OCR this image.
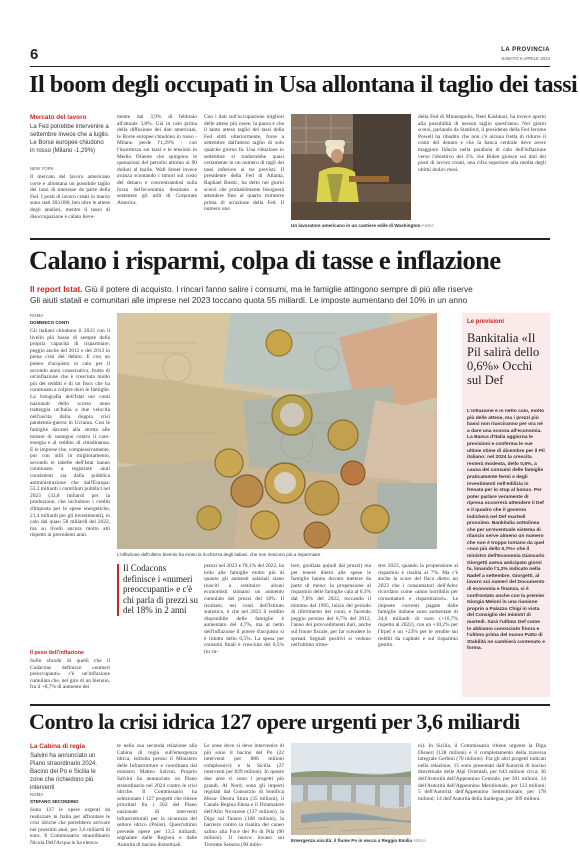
6	LA PROVINCIA
SABATO 6 APRILE 2024
Il boom degli occupati in Usa allontana il taglio dei tassi
Mercato del lavoro
La Fed potrebbe intervenire a settembre invece che a luglio. Le Borse europee chiudono in rosso (Milano -1,29%)
NEW YORK
Il mercato del lavoro americano corre e allontana un possibile taglio dei tassi di interesse da parte della Fed. I posti di lavoro creati in marzo sono stati 303.000, ben oltre le attese degli analisti, mentre il tasso di disoccupazione è calato lieve-
mente dal 3,9% di febbraio all'attuale 3,8%. Già in calo prima della diffusione dei dati americani, le Borse europee chiudono in rosso - Milano perde l'1,29% - con l'incertezza sui tassi e le tensioni in Medio Oriente che spingono le quotazioni del petrolio attorno ai 90 dollari al barile. Wall Street invece avanza scontando i timori sul costo del denaro e concentrandosi sulla forza dell'economia destinata a sostenere gli utili di Corporate America.
Con i dati sull'occupazione migliori delle attese più rosee, la paura è che il tanto atteso taglio dei tassi della Fed slitti ulteriormente, forse a settembre dall'atteso taglio di solo qualche giorno fa. Una riduzione in settembre si tradurrebbe quasi certamente in un numero di tagli dei tassi inferiore ai tre previsti. Il presidente della Fed di Atlanta, Raphael Bostic, ha detto nei giorni scorsi che probabilmente bisognerà attendere fino al quarto trimestre prima di un'azione della Fed. Il numero uno
Un lavoratore americano in un cantiere edile di Washington ANSA
della Fed di Minneapolis, Neel Kashkari, ha invece aperto alla possibilità di nessun taglio quest'anno. Nei giorni scorsi, parlando da Stanford, il presidente della Fed Jerome Powell ha ribadito che non c'è alcuna fretta di ridurre il costo del denaro e che la banca centrale deve avere maggiore fiducia nella parabola di calo dell'inflazione verso l'obiettivo del 2%. Joe Biden gioisce sui dati dei posti di lavoro creati, una cifra superiore alla media degli ultimi dodici mesi.
Calano i risparmi, colpa di tasse e inflazione
Il report Istat. Giù il potere di acquisto. I rincari fanno salire i consumi, ma le famiglie attingono sempre di più alle riserve
Gli aiuti statali e comunitari alle imprese nel 2023 toccano quota 55 miliardi. Le imposte aumentano del 10% in un anno
ROMA
DOMENICO CONTI
Gli italiani chiudono il 2023 con il livello più basso di sempre della propria capacità di risparmiare, peggio anche del 2012 e del 2013 in piena crisi del debito. E con un potere d'acquisto in calo per il secondo anno consecutivo, frutto di un'inflazione che è cresciuta molto più dei redditi e di un fisco che ha continuato a colpire duro le famiglie. La fotografia dell'Istat nei conti nazionali dello scorso anno tratteggia un'Italia a due velocità nell'uscita dalla doppia crisi pandemia-guerra in Ucraina. Con le famiglie davanti alla stretta alle misure di sostegno contro il caro-energia e al reddito di cittadinanza. E le imprese che, complessivamente, pur con utili in miglioramento, secondo le tabelle dell'Istat hanno continuato a registrare aiuti consistenti sia dalla pubblica amministrazione che dall'Europa: 55,2 miliardi i contributi pubblici nel 2023 (33,8 miliardi per la produzione, che includono i crediti d'imposta per le spese energetiche, 21,4 miliardi per gli investimenti), in calo dai quasi 58 miliardi del 2022, ma su livelli ancora molto alti rispetto ai precedenti anni.
Il peso dell'inflazione
Sullo sfondo di quelli che il Codacons definisce «numeri preoccupanti» c'è un'inflazione cumulata che, nel giro di un biennio, fra il +8,7% di aumento dei
L'inflazione dell'ultimo biennio ha eroso la ricchezza degli italiani, che non riescono più a risparmiare
Il Codacons definisce i «numeri preoccupanti» e c'è chi parla di prezzi su del 18% in 2 anni
prezzi nel 2023 e l'8,1% del 2022, ha tolto alle famiglie molto più di quanto gli aumenti salariali siano riusciti a restituire: alcuni economisti stimano un aumento cumulato dei prezzi del 18%. Il risultato, nei conti dell'Istituto statistico, è che nel 2023 il reddito disponibile delle famiglie è aumentato del 4,7%, ma al netto dell'inflazione il potere d'acquisto si è ridotto dello 0,5%. La spesa per consumi finali è cresciuta del 6,5% (in va-
lore, gonfiata quindi dai prezzi) ma per tenere dietro alle spese le famiglie hanno dovuto mettere da parte di meno: la propensione al risparmio delle famiglie cala al 6,3% dal 7,8% del 2022, toccando il minimo dal 1995, inizio del periodo di riferimento dei conti, e facendo peggio persino del 6,7% del 2012, l'anno dei provvedimenti duri, anche sul fronte fiscale, per far scendere lo spread. Segnali positivi si vedono nell'ultimo trime-
stre 2023, quando la propensione al risparmio è risalita al 7%. Ma c'è anche la scure del fisco dietro un 2023 che i consumatori dell'Adoc ricordano come «anno horribilis per consumatori e risparmiatori». Le imposte correnti pagate dalle famiglie italiane sono aumentate di 24,6 miliardi di euro (+10,7% rispetto al 2022), con un +10,2% per l'Irpef e un +23% per le rendite sui redditi da capitale e sul risparmio gestito.
Le previsioni
Bankitalia «Il Pil salirà dello 0,6%» Occhi sul Def
L'inflazione è in netto calo, molto più delle attese, ma i prezzi più bassi non riusciranno per ora né a dare una scossa all'economia. La Banca d'Italia aggiorna le previsioni e conferma le sue ultime stime di dicembre per il Pil italiano: nel 2024 la crescita resterà modesta, dello 0,6%, a causa dei consumi delle famiglie praticamente fermi e degli investimenti nell'edilizia in frenata per lo stop al bonus. Per poter parlare veramente di ripresa occorrerà attendere il Def e il quadro che il governo indicherà nel Def martedì prossimo. Bankitalia sottolinea che per un'eventuale sistema di rilancio serve almeno un numero che non è troppo lontano da quel «non più dello 0,7%» che il ministro dell'Economia Giancarlo Giorgetti aveva anticipato giorni fa, limando l'1,2% indicato nella Nadef a settembre. Giorgetti, al lavoro sui numeri del Documento di economia e finanza, si è confrontato anche con la premier Giorgia Meloni in una riunione proprio a Palazzo Chigi in vista del Consiglio dei ministri di martedì. Sarà l'ultimo Def come lo abbiamo conosciuto finora e l'ultimo prima del nuovo Patto di Stabilità ne cambierà contenuto e forma.
Contro la crisi idrica 127 opere urgenti per 3,6 miliardi
La Cabina di regia
Salvini ha annunciato un Piano straordinario 2024. Bacino del Po e Sicilia le zone che richiedono più interventi
ROMA
STEFANO SECONDINO
Sono 127 le opere urgenti da realizzare in Italia per affrontare le crisi idriche che potrebbero arrivare nei prossimi anni, per 3,6 miliardi di euro. Il Commissario straordinario Nicola Dell'Acqua le ha elenca-
te nella sua seconda relazione alla Cabina di regia sull'emergenza idrica, istituita presso il Ministero delle Infrastrutture e coordinata dal ministro Matteo Salvini. Proprio Salvini ha annunciato un Piano straordinario nel 2024 contro le crisi idriche. Il Commissario ha selezionato i 127 progetti che ritiene prioritari fra i 562 del Piano nazionale di interventi infrastrutturali per la sicurezza del settore idrico (Pniisi). Quest'ultimo prevede opere per 13,5 miliardi, segnalate dalle Regioni e dalle Autorità di bacino distrettuali.
Le zone dove si deve intervenire di più sono il bacino del Po (22 interventi per 886 milioni complessivi) e la Sicilia (27 interventi per 829 milioni). In queste due aree ci sono i progetti più grandi. Al Nord, sono gli importi regolati dal Consorzio di bonifica Mosa- Destra Stura (35 milioni), il Canale Regina Elena e il Diramatore dell'Alto Novarese (127 milioni), la Diga sul Tanaro (108 milioni), la barriera contro la risalita del cuneo salino alla Foce del Po di Pila (90 milioni). Il nuovo invaso sul Torrente Sessera (90 milio-
Emergenza siccità: il fiume Po in secca a Reggio Emilia ANSA
ni). In Sicilia, il Commissario ritiene urgente la Diga Disueri (138 milioni) e il completamento della traversa integrale Gerbini (70 milioni). Fra gli altri progetti indicati nella relazione, 15 sono presentati dall'Autorità di bacino distrettuale delle Alpi Orientali, per 643 milioni circa; 36 dell'Autorità dell'Appennino Centrale, per 301 milioni; 14 dell'Autorità dell'Appennino Meridionale, per 123 milioni; 5 dell'Autorità dell'Appennino Settentrionale, per 178 milioni; 14 dell'Autorità della Sardegna, per 309 milioni.
